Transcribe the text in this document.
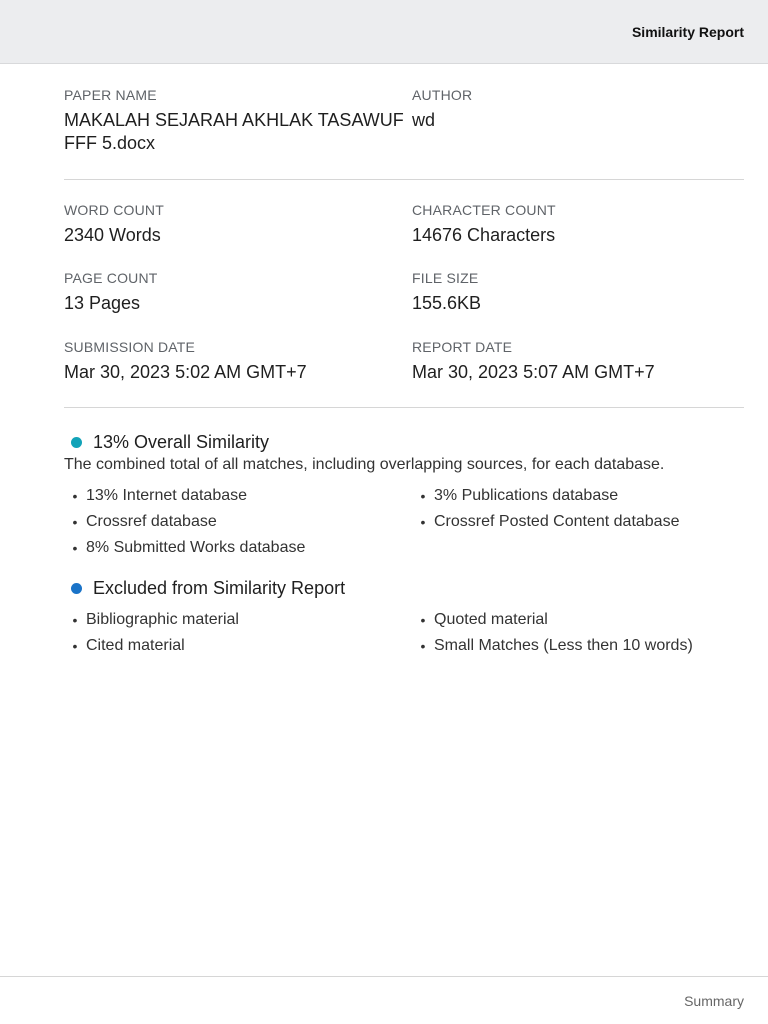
Similarity Report
PAPER NAME
MAKALAH SEJARAH AKHLAK TASAWUF FFF 5.docx
AUTHOR
wd
WORD COUNT
2340 Words
CHARACTER COUNT
14676 Characters
PAGE COUNT
13 Pages
FILE SIZE
155.6KB
SUBMISSION DATE
Mar 30, 2023 5:02 AM GMT+7
REPORT DATE
Mar 30, 2023 5:07 AM GMT+7
13% Overall Similarity
The combined total of all matches, including overlapping sources, for each database.
• 13% Internet database	• 3% Publications database
• Crossref database	• Crossref Posted Content database
• 8% Submitted Works database
Excluded from Similarity Report
• Bibliographic material	• Quoted material
• Cited material	• Small Matches (Less then 10 words)
Summary
